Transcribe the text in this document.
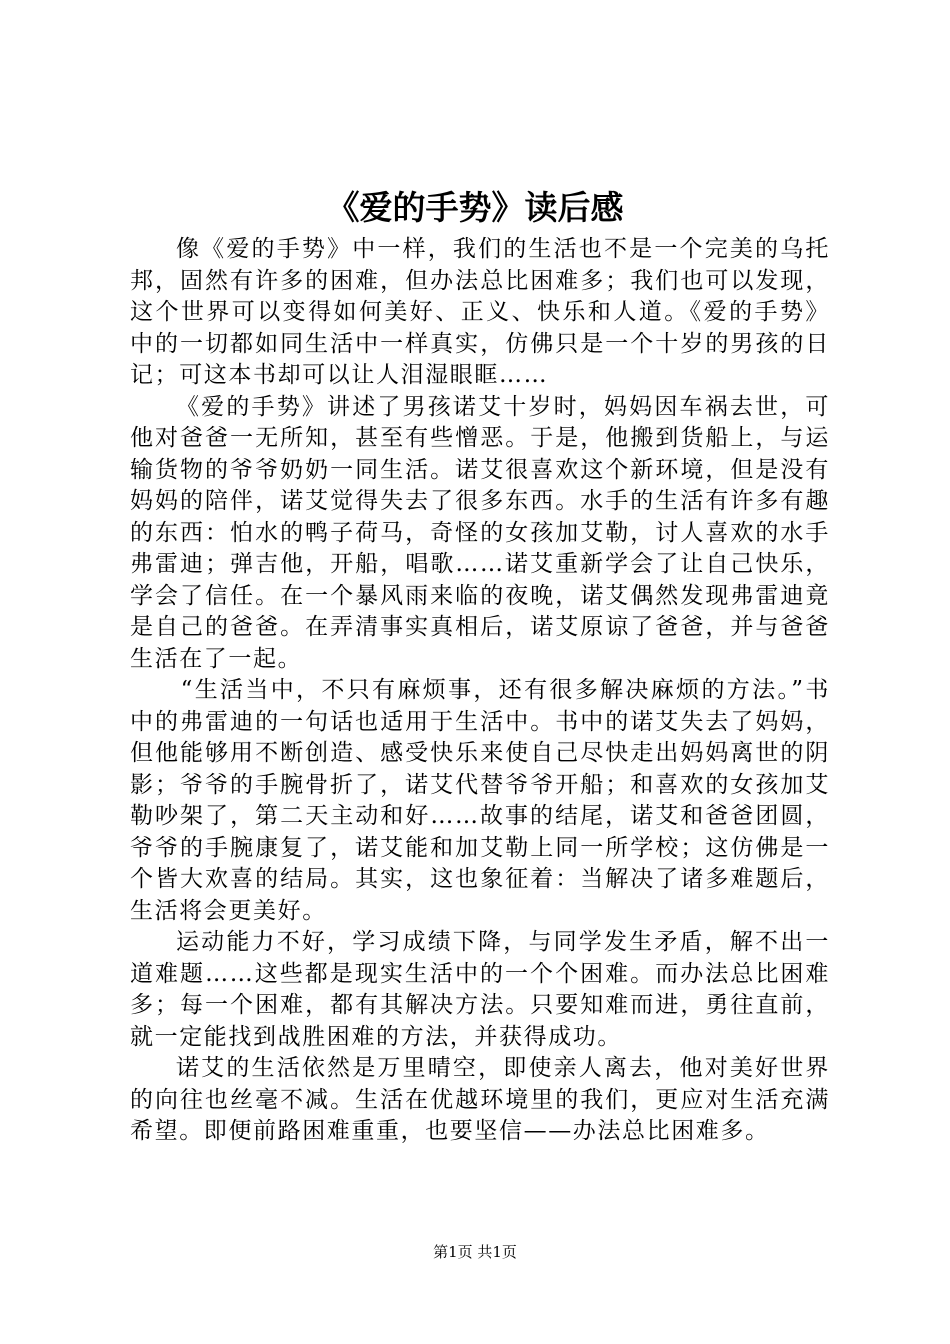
《爱的手势》读后感

像《爱的手势》中一样，我们的生活也不是一个完美的乌托邦，固然有许多的困难，但办法总比困难多；我们也可以发现，这个世界可以变得如何美好、正义、快乐和人道。《爱的手势》中的一切都如同生活中一样真实，仿佛只是一个十岁的男孩的日记；可这本书却可以让人泪湿眼眶……

《爱的手势》讲述了男孩诺艾十岁时，妈妈因车祸去世，可他对爸爸一无所知，甚至有些憎恶。于是，他搬到货船上，与运输货物的爷爷奶奶一同生活。诺艾很喜欢这个新环境，但是没有妈妈的陪伴，诺艾觉得失去了很多东西。水手的生活有许多有趣的东西：怕水的鸭子荷马，奇怪的女孩加艾勒，讨人喜欢的水手弗雷迪；弹吉他，开船，唱歌……诺艾重新学会了让自己快乐，学会了信任。在一个暴风雨来临的夜晚，诺艾偶然发现弗雷迪竟是自己的爸爸。在弄清事实真相后，诺艾原谅了爸爸，并与爸爸生活在了一起。

“生活当中，不只有麻烦事，还有很多解决麻烦的方法。”书中的弗雷迪的一句话也适用于生活中。书中的诺艾失去了妈妈，但他能够用不断创造、感受快乐来使自己尽快走出妈妈离世的阴影；爷爷的手腕骨折了，诺艾代替爷爷开船；和喜欢的女孩加艾勒吵架了，第二天主动和好……故事的结尾，诺艾和爸爸团圆，爷爷的手腕康复了，诺艾能和加艾勒上同一所学校；这仿佛是一个皆大欢喜的结局。其实，这也象征着：当解决了诸多难题后，生活将会更美好。

运动能力不好，学习成绩下降，与同学发生矛盾，解不出一道难题……这些都是现实生活中的一个个困难。而办法总比困难多；每一个困难，都有其解决方法。只要知难而进，勇往直前，就一定能找到战胜困难的方法，并获得成功。

诺艾的生活依然是万里晴空，即使亲人离去，他对美好世界的向往也丝毫不减。生活在优越环境里的我们，更应对生活充满希望。即便前路困难重重，也要坚信——办法总比困难多。

第1页 共1页
